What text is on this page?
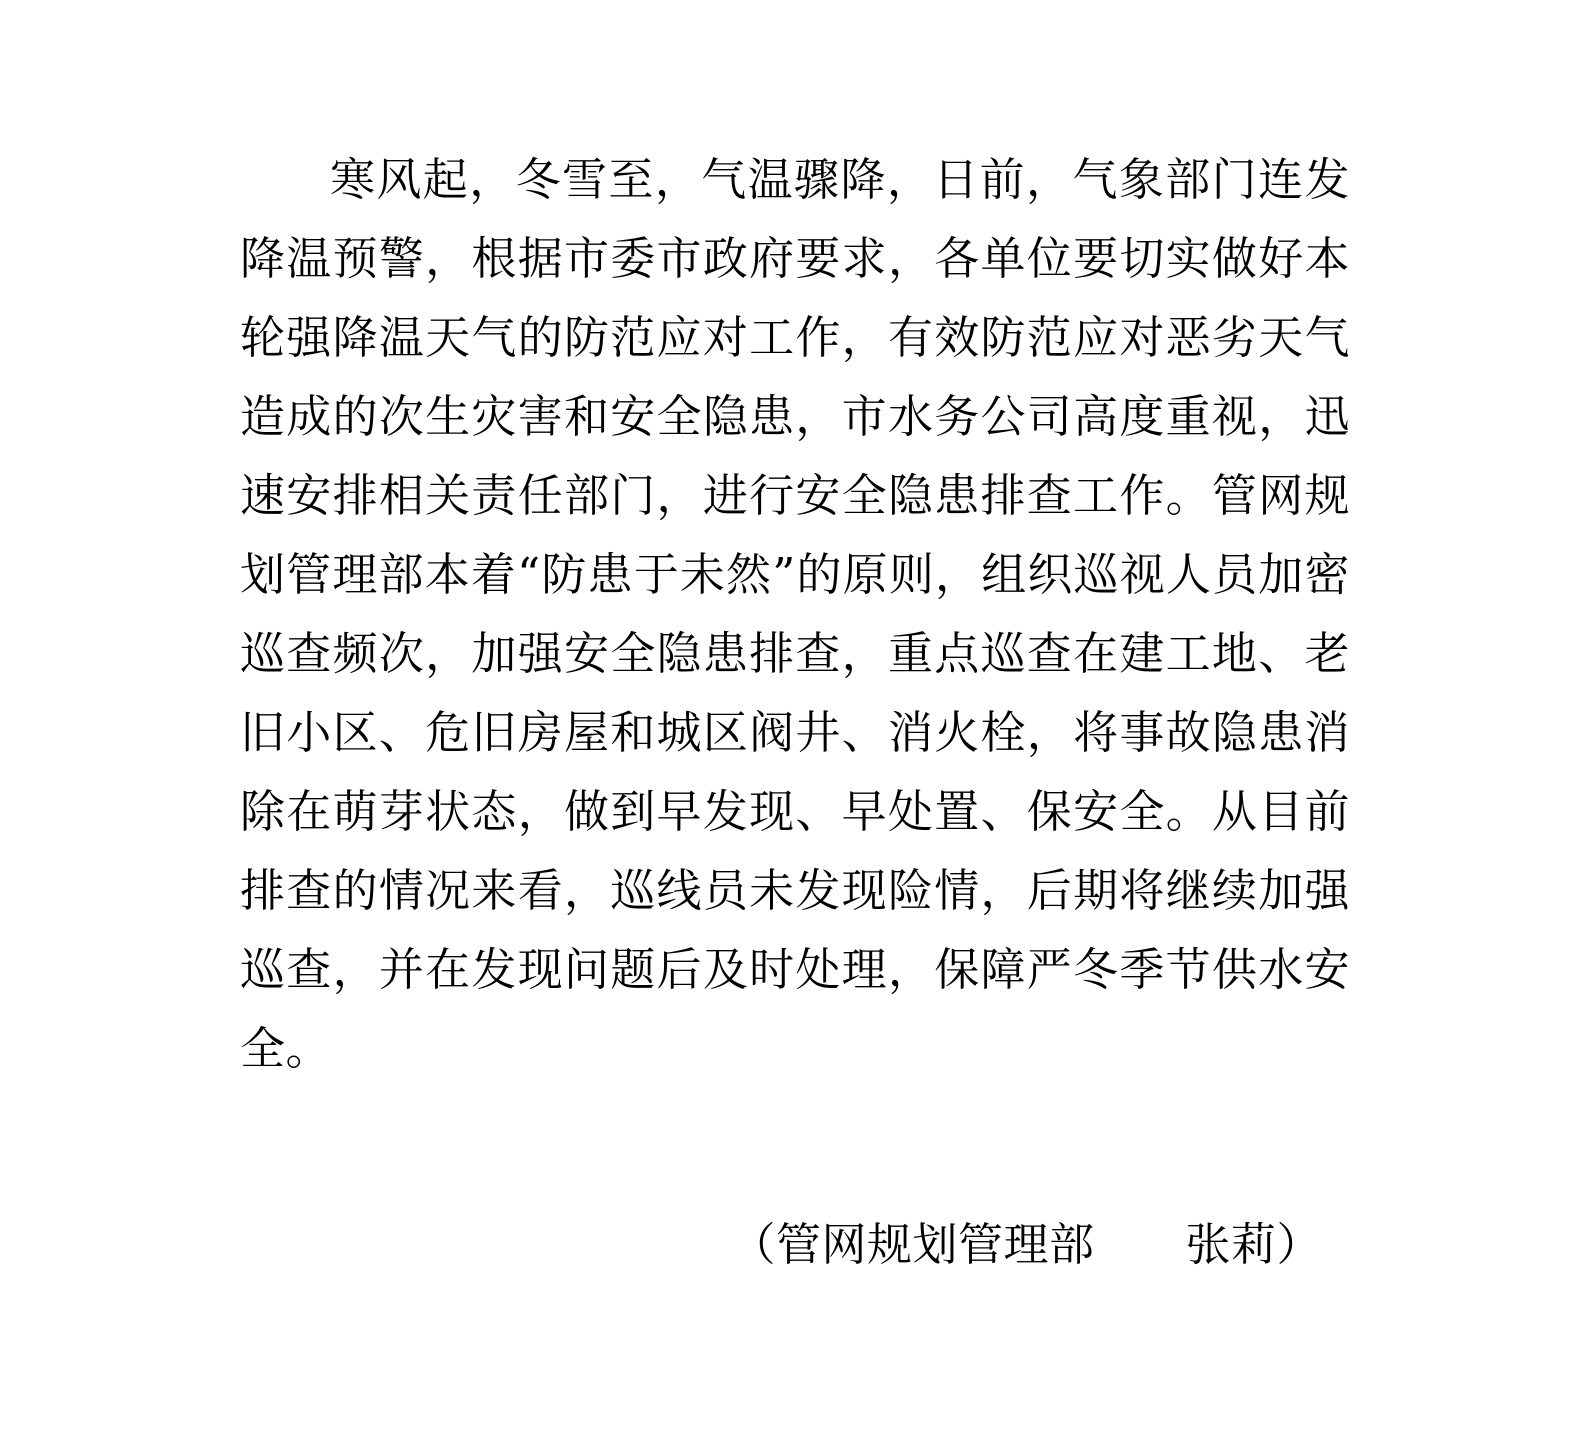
寒风起，冬雪至，气温骤降，日前，气象部门连发降温预警，根据市委市政府要求，各单位要切实做好本轮强降温天气的防范应对工作，有效防范应对恶劣天气造成的次生灾害和安全隐患，市水务公司高度重视，迅速安排相关责任部门，进行安全隐患排查工作。管网规划管理部本着“防患于未然”的原则，组织巡视人员加密巡查频次，加强安全隐患排查，重点巡查在建工地、老旧小区、危旧房屋和城区阀井、消火栓，将事故隐患消除在萌芽状态，做到早发现、早处置、保安全。从目前排查的情况来看，巡线员未发现险情，后期将继续加强巡查，并在发现问题后及时处理，保障严冬季节供水安全。

（管网规划管理部　　张莉）
